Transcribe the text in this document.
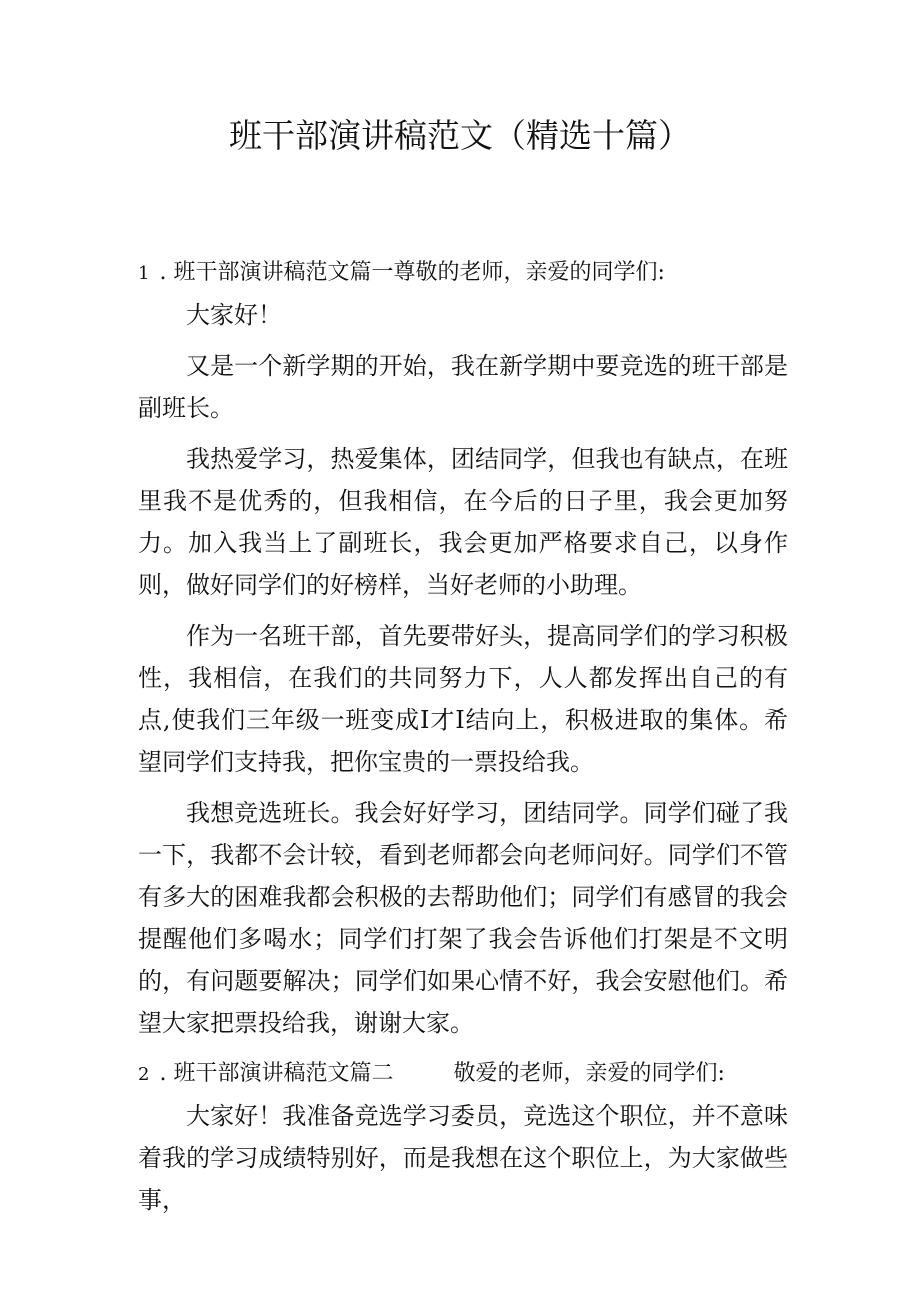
班干部演讲稿范文（精选十篇）
1 . 班干部演讲稿范文篇一尊敬的老师，亲爱的同学们:

大家好！

又是一个新学期的开始，我在新学期中要竞选的班干部是副班长。

我热爱学习，热爱集体，团结同学，但我也有缺点，在班里我不是优秀的，但我相信，在今后的日子里，我会更加努力。加入我当上了副班长，我会更加严格要求自己，以身作则，做好同学们的好榜样，当好老师的小助理。

作为一名班干部，首先要带好头，提高同学们的学习积极性，我相信，在我们的共同努力下，人人都发挥出自己的有点,使我们三年级一班变成I才I结向上，积极进取的集体。希望同学们支持我，把你宝贵的一票投给我。

我想竞选班长。我会好好学习，团结同学。同学们碰了我一下，我都不会计较，看到老师都会向老师问好。同学们不管有多大的困难我都会积极的去帮助他们；同学们有感冒的我会提醒他们多喝水；同学们打架了我会告诉他们打架是不文明的，有问题要解决；同学们如果心情不好，我会安慰他们。希望大家把票投给我，谢谢大家。

2 . 班干部演讲稿范文篇二	敬爱的老师，亲爱的同学们:

大家好！我准备竞选学习委员，竞选这个职位，并不意味着我的学习成绩特别好，而是我想在这个职位上，为大家做些事，
